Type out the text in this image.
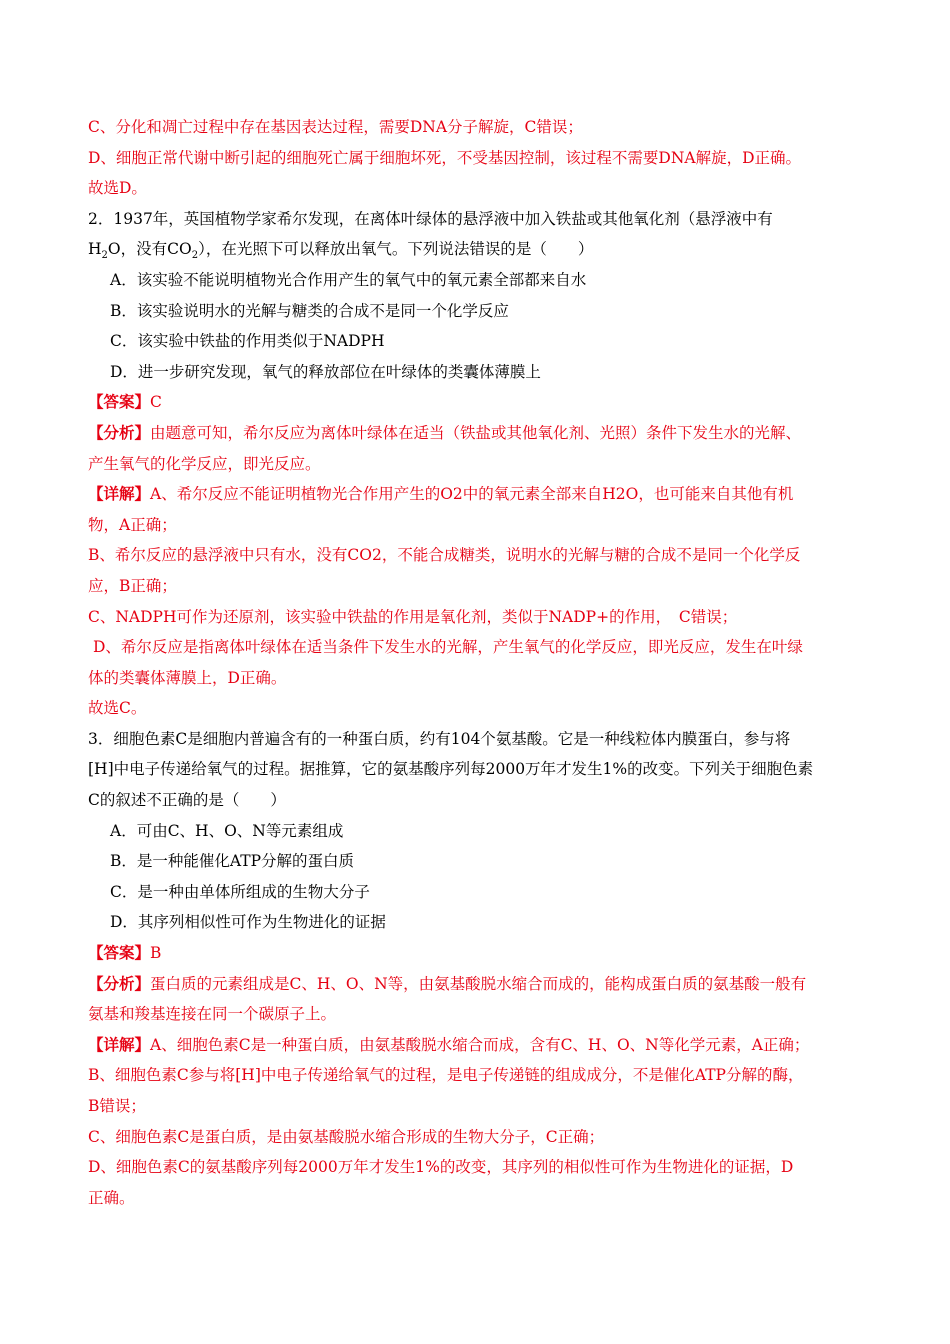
C、分化和凋亡过程中存在基因表达过程，需要DNA分子解旋，C错误；
D、细胞正常代谢中断引起的细胞死亡属于细胞坏死，不受基因控制，该过程不需要DNA解旋，D正确。
故选D。
2．1937年，英国植物学家希尔发现，在离体叶绿体的悬浮液中加入铁盐或其他氧化剂（悬浮液中有
$H_2O$，没有$CO_2$），在光照下可以释放出氧气。下列说法错误的是（　　）
A．该实验不能说明植物光合作用产生的氧气中的氧元素全部都来自水
B．该实验说明水的光解与糖类的合成不是同一个化学反应
C．该实验中铁盐的作用类似于NADPH
D．进一步研究发现，氧气的释放部位在叶绿体的类囊体薄膜上
【答案】C
【分析】由题意可知，希尔反应为离体叶绿体在适当（铁盐或其他氧化剂、光照）条件下发生水的光解、
产生氧气的化学反应，即光反应。
【详解】A、希尔反应不能证明植物光合作用产生的O2中的氧元素全部来自H2O，也可能来自其他有机
物，A正确；
B、希尔反应的悬浮液中只有水，没有CO2，不能合成糖类，说明水的光解与糖的合成不是同一个化学反
应，B正确；
C、NADPH可作为还原剂，该实验中铁盐的作用是氧化剂，类似于NADP+的作用，　C错误；
D、希尔反应是指离体叶绿体在适当条件下发生水的光解，产生氧气的化学反应，即光反应，发生在叶绿
体的类囊体薄膜上，D正确。
故选C。
3．细胞色素C是细胞内普遍含有的一种蛋白质，约有104个氨基酸。它是一种线粒体内膜蛋白，参与将
[H]中电子传递给氧气的过程。据推算，它的氨基酸序列每2000万年才发生1%的改变。下列关于细胞色素
C的叙述不正确的是（　　）
A．可由C、H、O、N等元素组成
B．是一种能催化ATP分解的蛋白质
C．是一种由单体所组成的生物大分子
D．其序列相似性可作为生物进化的证据
【答案】B
【分析】蛋白质的元素组成是C、H、O、N等，由氨基酸脱水缩合而成的，能构成蛋白质的氨基酸一般有
氨基和羧基连接在同一个碳原子上。
【详解】A、细胞色素C是一种蛋白质，由氨基酸脱水缩合而成，含有C、H、O、N等化学元素，A正确；
B、细胞色素C参与将[H]中电子传递给氧气的过程，是电子传递链的组成成分，不是催化ATP分解的酶，
B错误；
C、细胞色素C是蛋白质，是由氨基酸脱水缩合形成的生物大分子，C正确；
D、细胞色素C的氨基酸序列每2000万年才发生1%的改变，其序列的相似性可作为生物进化的证据，D
正确。
